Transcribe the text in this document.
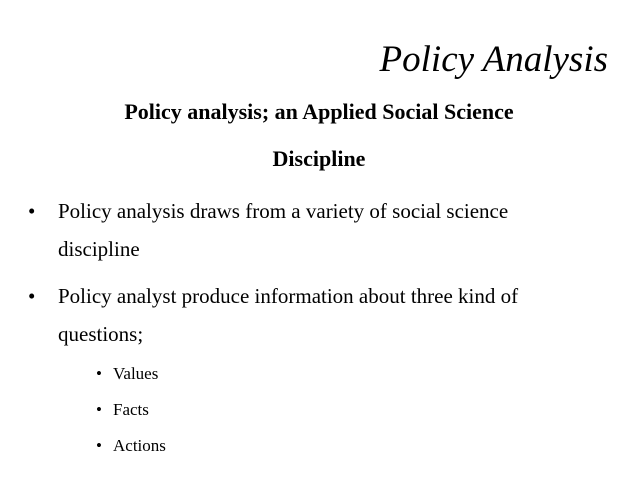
Policy Analysis
Policy analysis; an Applied Social Science
Discipline
• Policy analysis draws from a variety of social science
discipline
• Policy analyst produce information about three kind of
questions;
• Values
• Facts
• Actions
